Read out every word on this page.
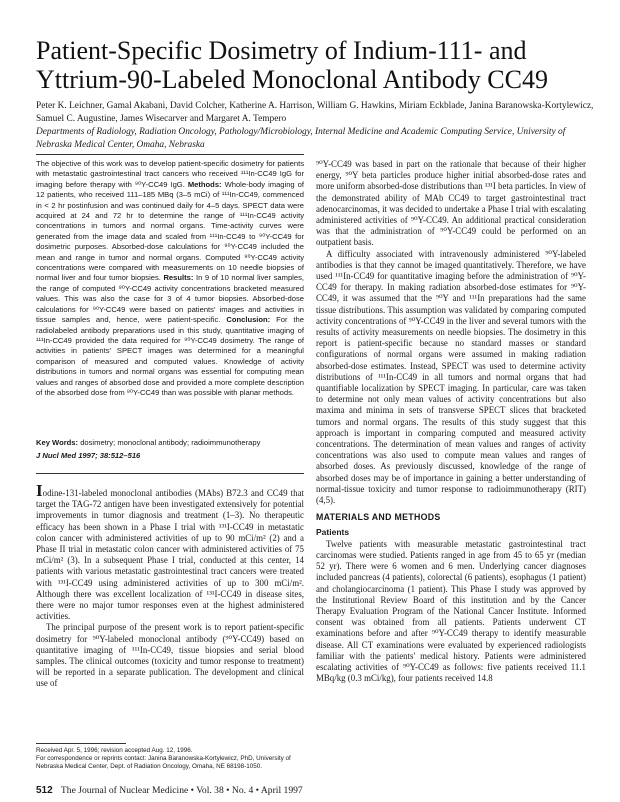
Patient-Specific Dosimetry of Indium-111- and Yttrium-90-Labeled Monoclonal Antibody CC49
Peter K. Leichner, Gamal Akabani, David Colcher, Katherine A. Harrison, William G. Hawkins, Miriam Eckblade, Janina Baranowska-Kortylewicz, Samuel C. Augustine, James Wisecarver and Margaret A. Tempero
Departments of Radiology, Radiation Oncology, Pathology/Microbiology, Internal Medicine and Academic Computing Service, University of Nebraska Medical Center, Omaha, Nebraska

The objective of this work was to develop patient-specific dosimetry for patients with metastatic gastrointestinal tract cancers who received ¹¹¹In-CC49 IgG for imaging before therapy with ⁹⁰Y-CC49 IgG. Methods: Whole-body imaging of 12 patients, who received 111–185 MBq (3–5 mCi) of ¹¹¹In-CC49, commenced in < 2 hr postinfusion and was continued daily for 4–5 days. SPECT data were acquired at 24 and 72 hr to determine the range of ¹¹¹In-CC49 activity concentrations in tumors and normal organs. Time-activity curves were generated from the image data and scaled from ¹¹¹In-CC49 to ⁹⁰Y-CC49 for dosimetric purposes. Absorbed-dose calculations for ⁹⁰Y-CC49 included the mean and range in tumor and normal organs. Computed ⁹⁰Y-CC49 activity concentrations were compared with measurements on 10 needle biopsies of normal liver and four tumor biopsies. Results: In 9 of 10 normal liver samples, the range of computed ⁹⁰Y-CC49 activity concentrations bracketed measured values. This was also the case for 3 of 4 tumor biopsies. Absorbed-dose calculations for ⁹⁰Y-CC49 were based on patients' images and activities in tissue samples and, hence, were patient-specific. Conclusion: For the radiolabeled antibody preparations used in this study, quantitative imaging of ¹¹¹In-CC49 provided the data required for ⁹⁰Y-CC49 dosimetry. The range of activities in patients' SPECT images was determined for a meaningful comparison of measured and computed values. Knowledge of activity distributions in tumors and normal organs was essential for computing mean values and ranges of absorbed dose and provided a more complete description of the absorbed dose from ⁹⁰Y-CC49 than was possible with planar methods.

Key Words: dosimetry; monoclonal antibody; radioimmunotherapy
J Nucl Med 1997; 38:512–516

Iodine-131-labeled monoclonal antibodies (MAbs) B72.3 and CC49 that target the TAG-72 antigen have been investigated extensively for potential improvements in tumor diagnosis and treatment (1–3). No therapeutic efficacy has been shown in a Phase I trial with ¹³¹I-CC49 in metastatic colon cancer with administered activities of up to 90 mCi/m² (2) and a Phase II trial in metastatic colon cancer with administered activities of 75 mCi/m² (3). In a subsequent Phase I trial, conducted at this center, 14 patients with various metastatic gastrointestinal tract cancers were treated with ¹³¹I-CC49 using administered activities of up to 300 mCi/m². Although there was excellent localization of ¹³¹I-CC49 in disease sites, there were no major tumor responses even at the highest administered activities.

The principal purpose of the present work is to report patient-specific dosimetry for ⁹⁰Y-labeled monoclonal antibody (⁹⁰Y-CC49) based on quantitative imaging of ¹¹¹In-CC49, tissue biopsies and serial blood samples. The clinical outcomes (toxicity and tumor response to treatment) will be reported in a separate publication. The development and clinical use of

Received Apr. 5, 1996; revision accepted Aug. 12, 1996.

For correspondence or reprints contact: Janina Baranowska-Kortylewicz, PhD, University of Nebraska Medical Center, Dept. of Radiation Oncology, Omaha, NE 68198-1050.

⁹⁰Y-CC49 was based in part on the rationale that because of their higher energy, ⁹⁰Y beta particles produce higher initial absorbed-dose rates and more uniform absorbed-dose distributions than ¹³¹I beta particles. In view of the demonstrated ability of MAb CC49 to target gastrointestinal tract adenocarcinomas, it was decided to undertake a Phase I trial with escalating administered activities of ⁹⁰Y-CC49. An additional practical consideration was that the administration of ⁹⁰Y-CC49 could be performed on an outpatient basis.

A difficulty associated with intravenously administered ⁹⁰Y-labeled antibodies is that they cannot be imaged quantitatively. Therefore, we have used ¹¹¹In-CC49 for quantitative imaging before the administration of ⁹⁰Y-CC49 for therapy. In making radiation absorbed-dose estimates for ⁹⁰Y-CC49, it was assumed that the ⁹⁰Y and ¹¹¹In preparations had the same tissue distributions. This assumption was validated by comparing computed activity concentrations of ⁹⁰Y-CC49 in the liver and several tumors with the results of activity measurements on needle biopsies. The dosimetry in this report is patient-specific because no standard masses or standard configurations of normal organs were assumed in making radiation absorbed-dose estimates. Instead, SPECT was used to determine activity distributions of ¹¹¹In-CC49 in all tumors and normal organs that had quantifiable localization by SPECT imaging. In particular, care was taken to determine not only mean values of activity concentrations but also maxima and minima in sets of transverse SPECT slices that bracketed tumors and normal organs. The results of this study suggest that this approach is important in comparing computed and measured activity concentrations. The determination of mean values and ranges of activity concentrations was also used to compute mean values and ranges of absorbed doses. As previously discussed, knowledge of the range of absorbed doses may be of importance in gaining a better understanding of normal-tissue toxicity and tumor response to radioimmunotherapy (RIT) (4,5).

MATERIALS AND METHODS

Patients

Twelve patients with measurable metastatic gastrointestinal tract carcinomas were studied. Patients ranged in age from 45 to 65 yr (median 52 yr). There were 6 women and 6 men. Underlying cancer diagnoses included pancreas (4 patients), colorectal (6 patients), esophagus (1 patient) and cholangiocarcinoma (1 patient). This Phase I study was approved by the Institutional Review Board of this institution and by the Cancer Therapy Evaluation Program of the National Cancer Institute. Informed consent was obtained from all patients. Patients underwent CT examinations before and after ⁹⁰Y-CC49 therapy to identify measurable disease. All CT examinations were evaluated by experienced radiologists familiar with the patients' medical history. Patients were administered escalating activities of ⁹⁰Y-CC49 as follows: five patients received 11.1 MBq/kg (0.3 mCi/kg), four patients received 14.8

512 The Journal of Nuclear Medicine • Vol. 38 • No. 4 • April 1997
